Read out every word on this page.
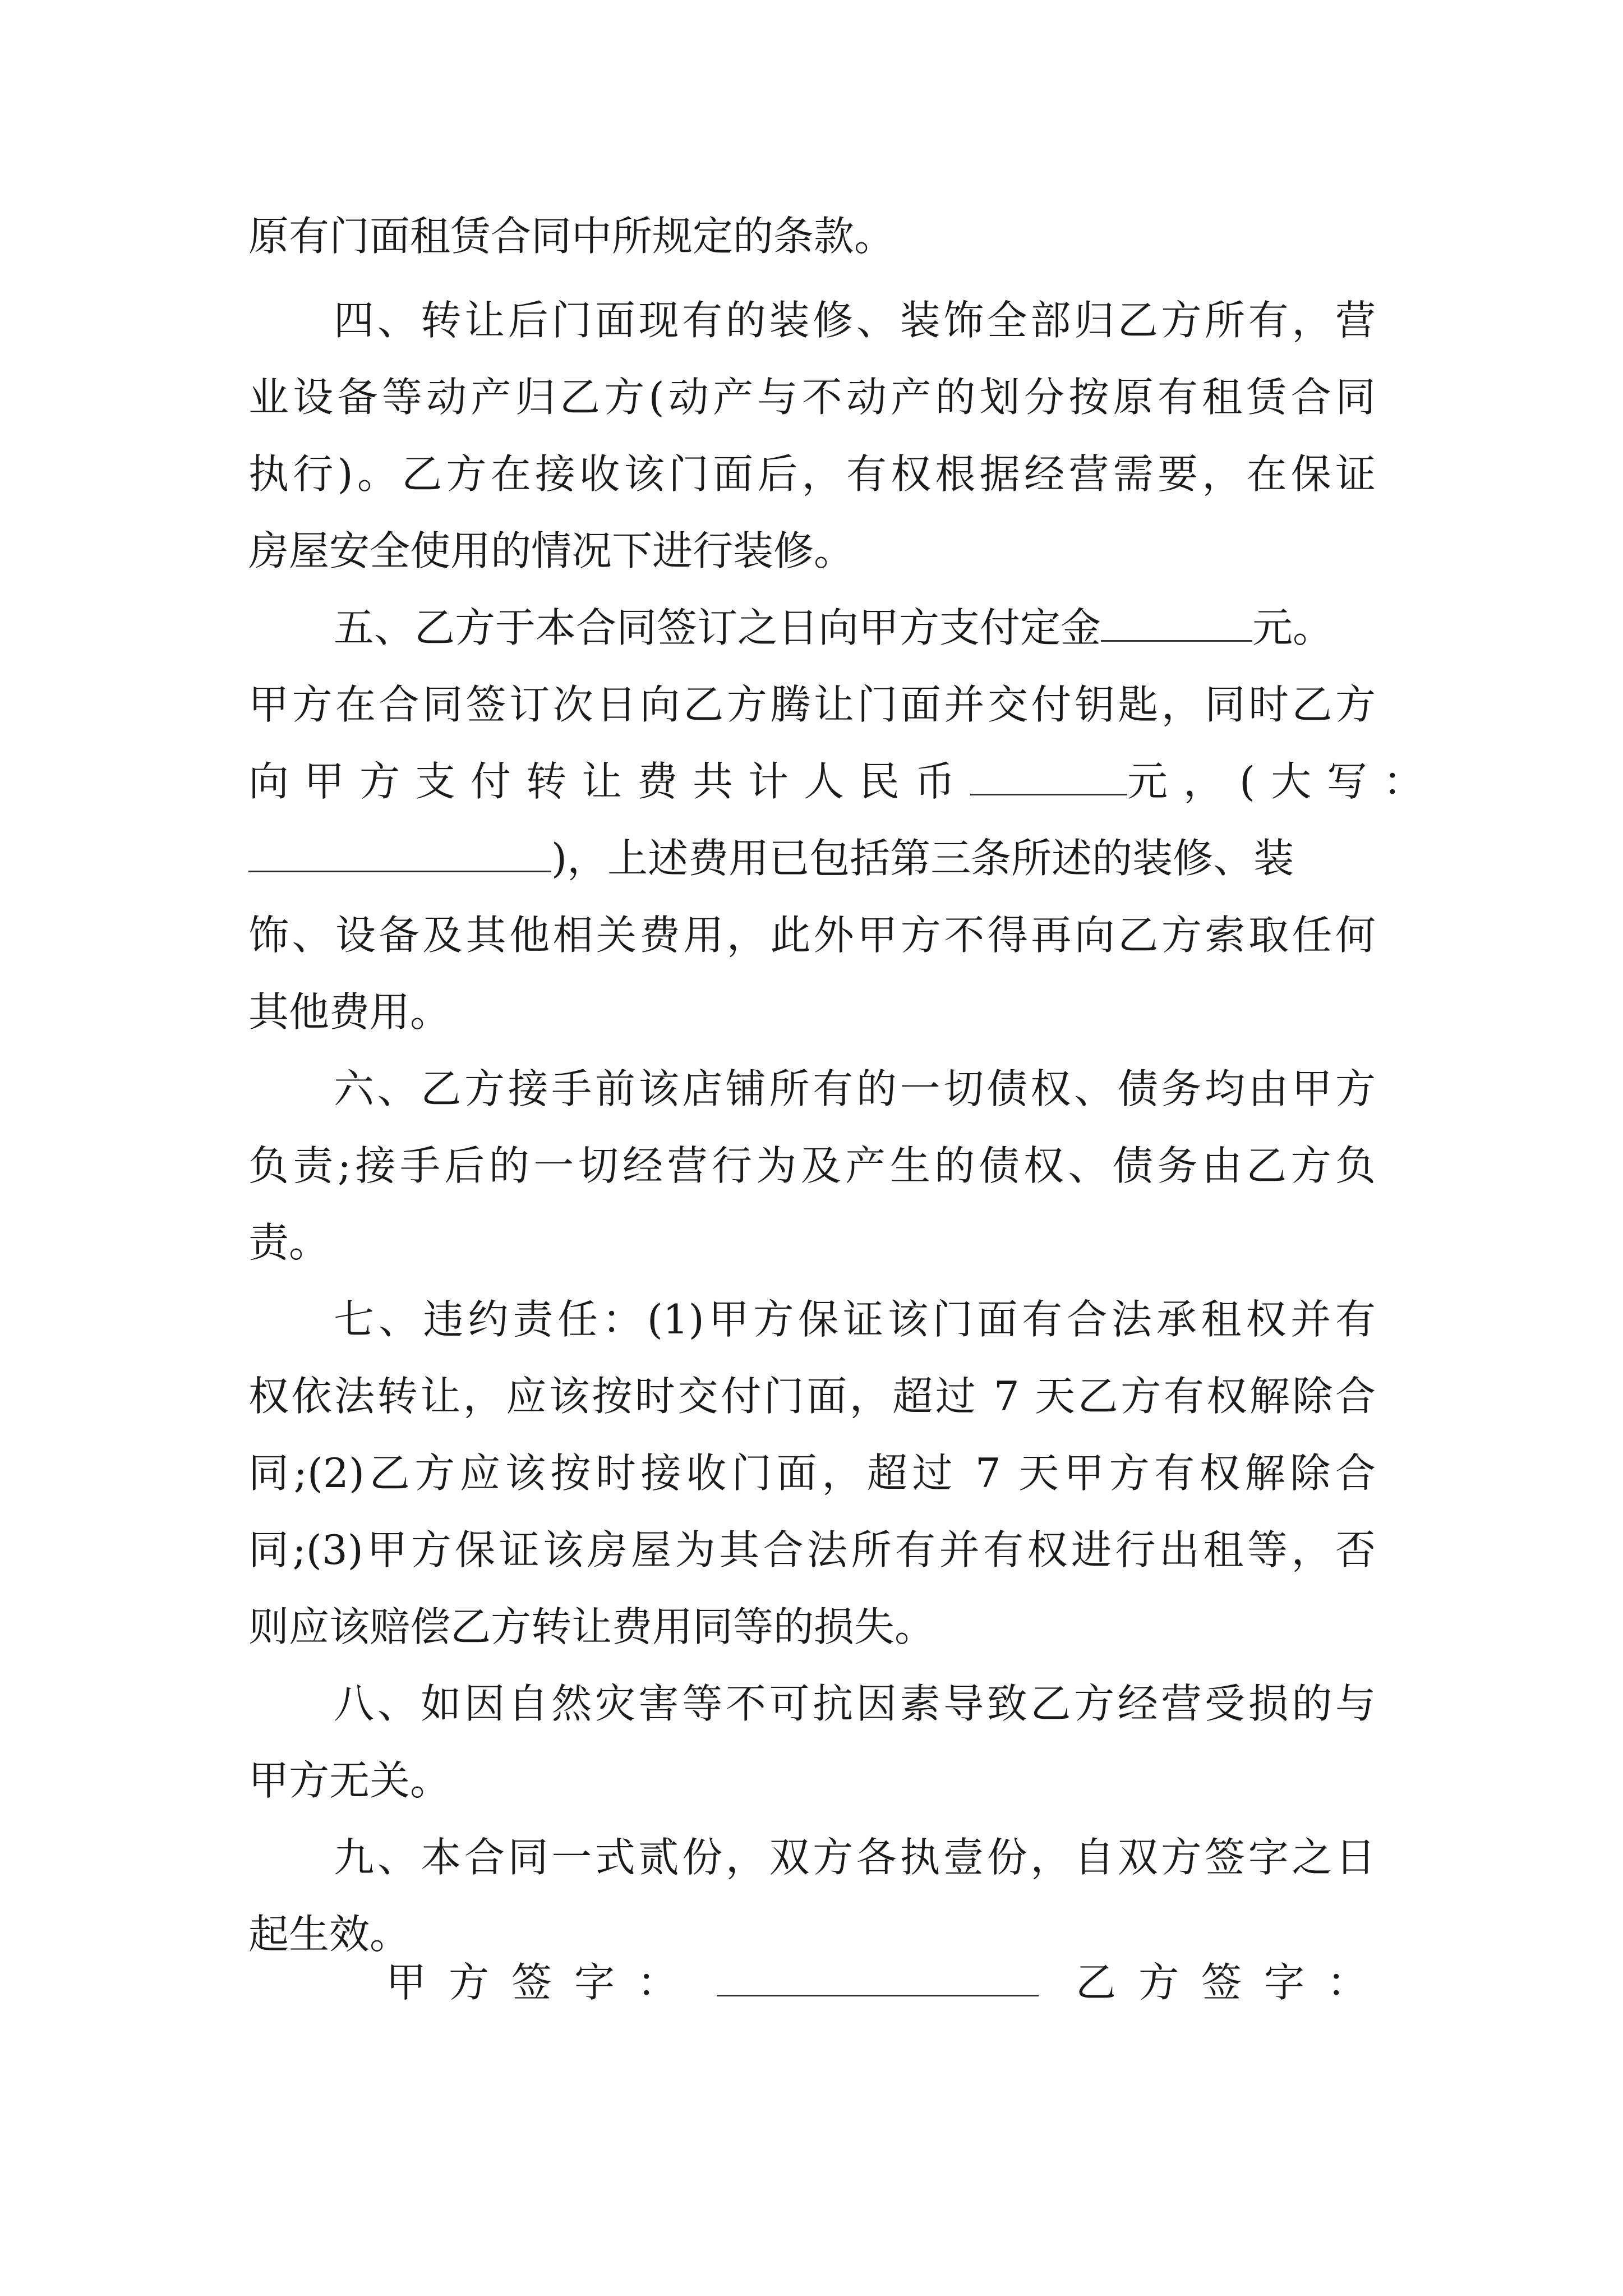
原有门面租赁合同中所规定的条款。
四、转让后门面现有的装修、装饰全部归乙方所有，营
业设备等动产归乙方(动产与不动产的划分按原有租赁合同
执行)。乙方在接收该门面后，有权根据经营需要，在保证
房屋安全使用的情况下进行装修。
五、乙方于本合同签订之日向甲方支付定金	元。
甲方在合同签订次日向乙方腾让门面并交付钥匙，同时乙方
向甲方支付转让费共计人民币	元，(大写：
)，上述费用已包括第三条所述的装修、装
饰、设备及其他相关费用，此外甲方不得再向乙方索取任何
其他费用。
六、乙方接手前该店铺所有的一切债权、债务均由甲方
负责;接手后的一切经营行为及产生的债权、债务由乙方负
责。
七、违约责任：(1)甲方保证该门面有合法承租权并有
权依法转让，应该按时交付门面，超过 7 天乙方有权解除合
同;(2)乙方应该按时接收门面，超过 7 天甲方有权解除合
同;(3)甲方保证该房屋为其合法所有并有权进行出租等，否
则应该赔偿乙方转让费用同等的损失。
八、如因自然灾害等不可抗因素导致乙方经营受损的与
甲方无关。
九、本合同一式贰份，双方各执壹份，自双方签字之日
起生效。
甲方签字：	乙方签字：
